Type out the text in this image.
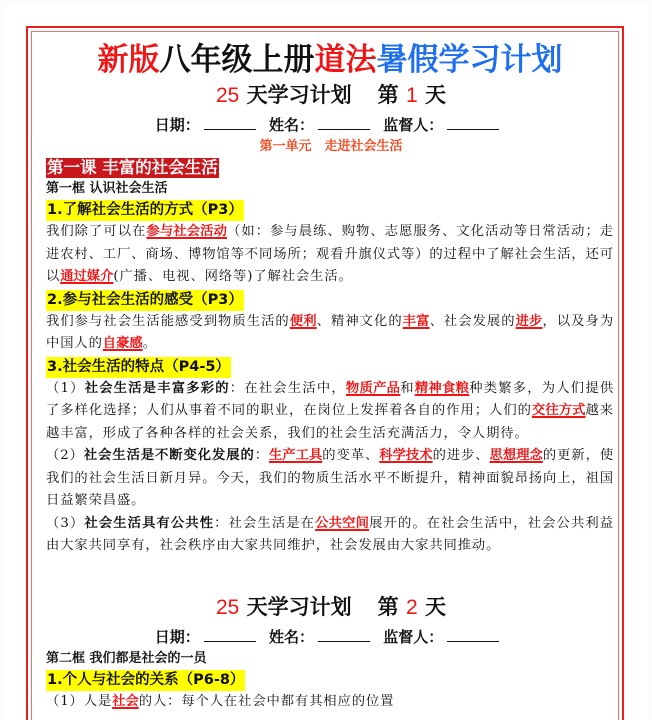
新版八年级上册道法暑假学习计划
25 天学习计划 第 1 天
日期：	姓名：	监督人：
第一单元　走进社会生活
第一课 丰富的社会生活
第一框 认识社会生活
1.了解社会生活的方式（P3）
我们除了可以在参与社会活动（如：参与晨练、购物、志愿服务、文化活动等日常活动；走进农村、工厂、商场、博物馆等不同场所；观看升旗仪式等）的过程中了解社会生活，还可以通过媒介(广播、电视、网络等)了解社会生活。
2.参与社会生活的感受（P3）
我们参与社会生活能感受到物质生活的便利、精神文化的丰富、社会发展的进步，以及身为中国人的自豪感。
3.社会生活的特点（P4-5）
（1）社会生活是丰富多彩的：在社会生活中，物质产品和精神食粮种类繁多，为人们提供了多样化选择；人们从事着不同的职业，在岗位上发挥着各自的作用；人们的交往方式越来越丰富，形成了各种各样的社会关系，我们的社会生活充满活力，令人期待。
（2）社会生活是不断变化发展的：生产工具的变革、科学技术的进步、思想理念的更新，使我们的社会生活日新月异。今天，我们的物质生活水平不断提升，精神面貌昂扬向上，祖国日益繁荣昌盛。
（3）社会生活具有公共性：社会生活是在公共空间展开的。在社会生活中，社会公共利益由大家共同享有，社会秩序由大家共同维护，社会发展由大家共同推动。
25 天学习计划 第 2 天
日期：	姓名：	监督人：
第二框 我们都是社会的一员
1.个人与社会的关系（P6-8）
（1）人是社会的人：每个人在社会中都有其相应的位置
